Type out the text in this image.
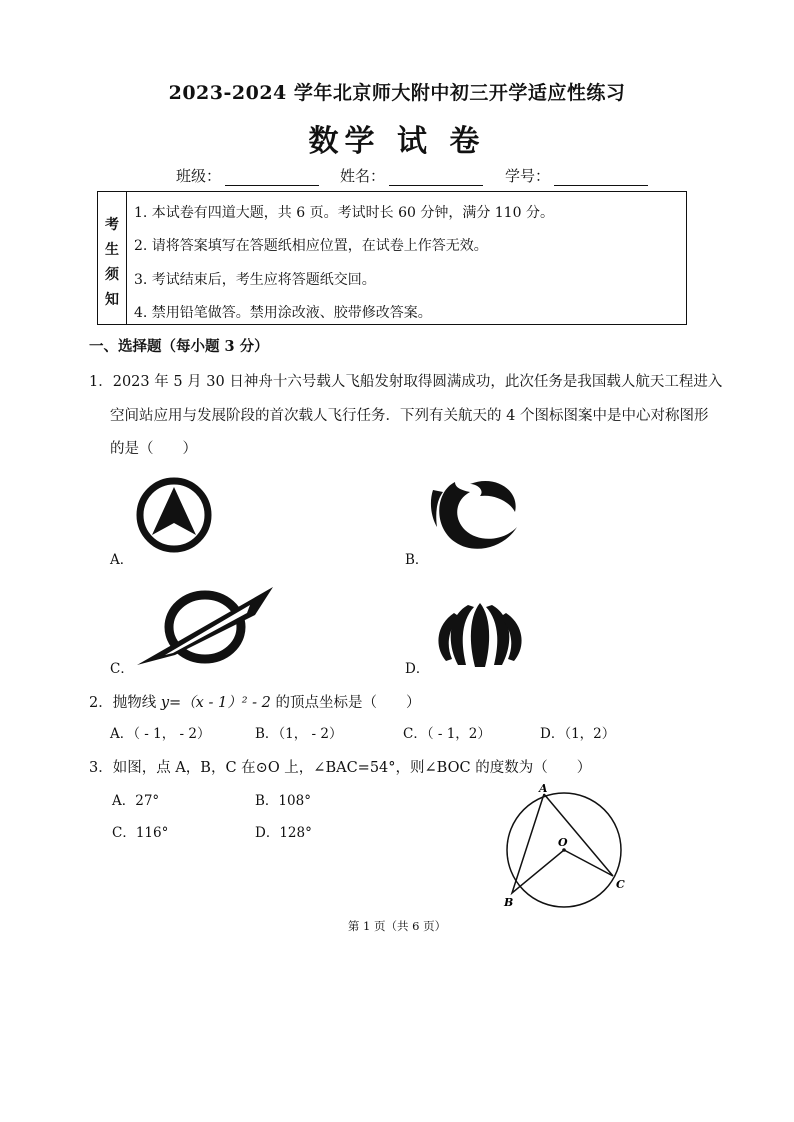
2023-2024 学年北京师大附中初三开学适应性练习
数学 试 卷
班级：	姓名：	学号：
考
生
须
知
1. 本试卷有四道大题，共 6 页。考试时长 60 分钟，满分 110 分。
2. 请将答案填写在答题纸相应位置，在试卷上作答无效。
3. 考试结束后，考生应将答题纸交回。
4. 禁用铅笔做答。禁用涂改液、胶带修改答案。
一、选择题（每小题 3 分）
1．2023 年 5 月 30 日神舟十六号载人飞船发射取得圆满成功，此次任务是我国载人航天工程进入
空间站应用与发展阶段的首次载人飞行任务．下列有关航天的 4 个图标图案中是中心对称图形
的是（　　）
A．	B．
C．	D．
2．抛物线 y=（x - 1）² - 2 的顶点坐标是（　　）
A．（ - 1， - 2）	B．（1， - 2）	C．（ - 1，2）	D．（1，2）
3．如图，点 A，B，C 在⊙O 上，∠BAC=54°，则∠BOC 的度数为（　　）
A．27°	B．108°
C．116°	D．128°
A
O
B
C
第 1 页（共 6 页）
